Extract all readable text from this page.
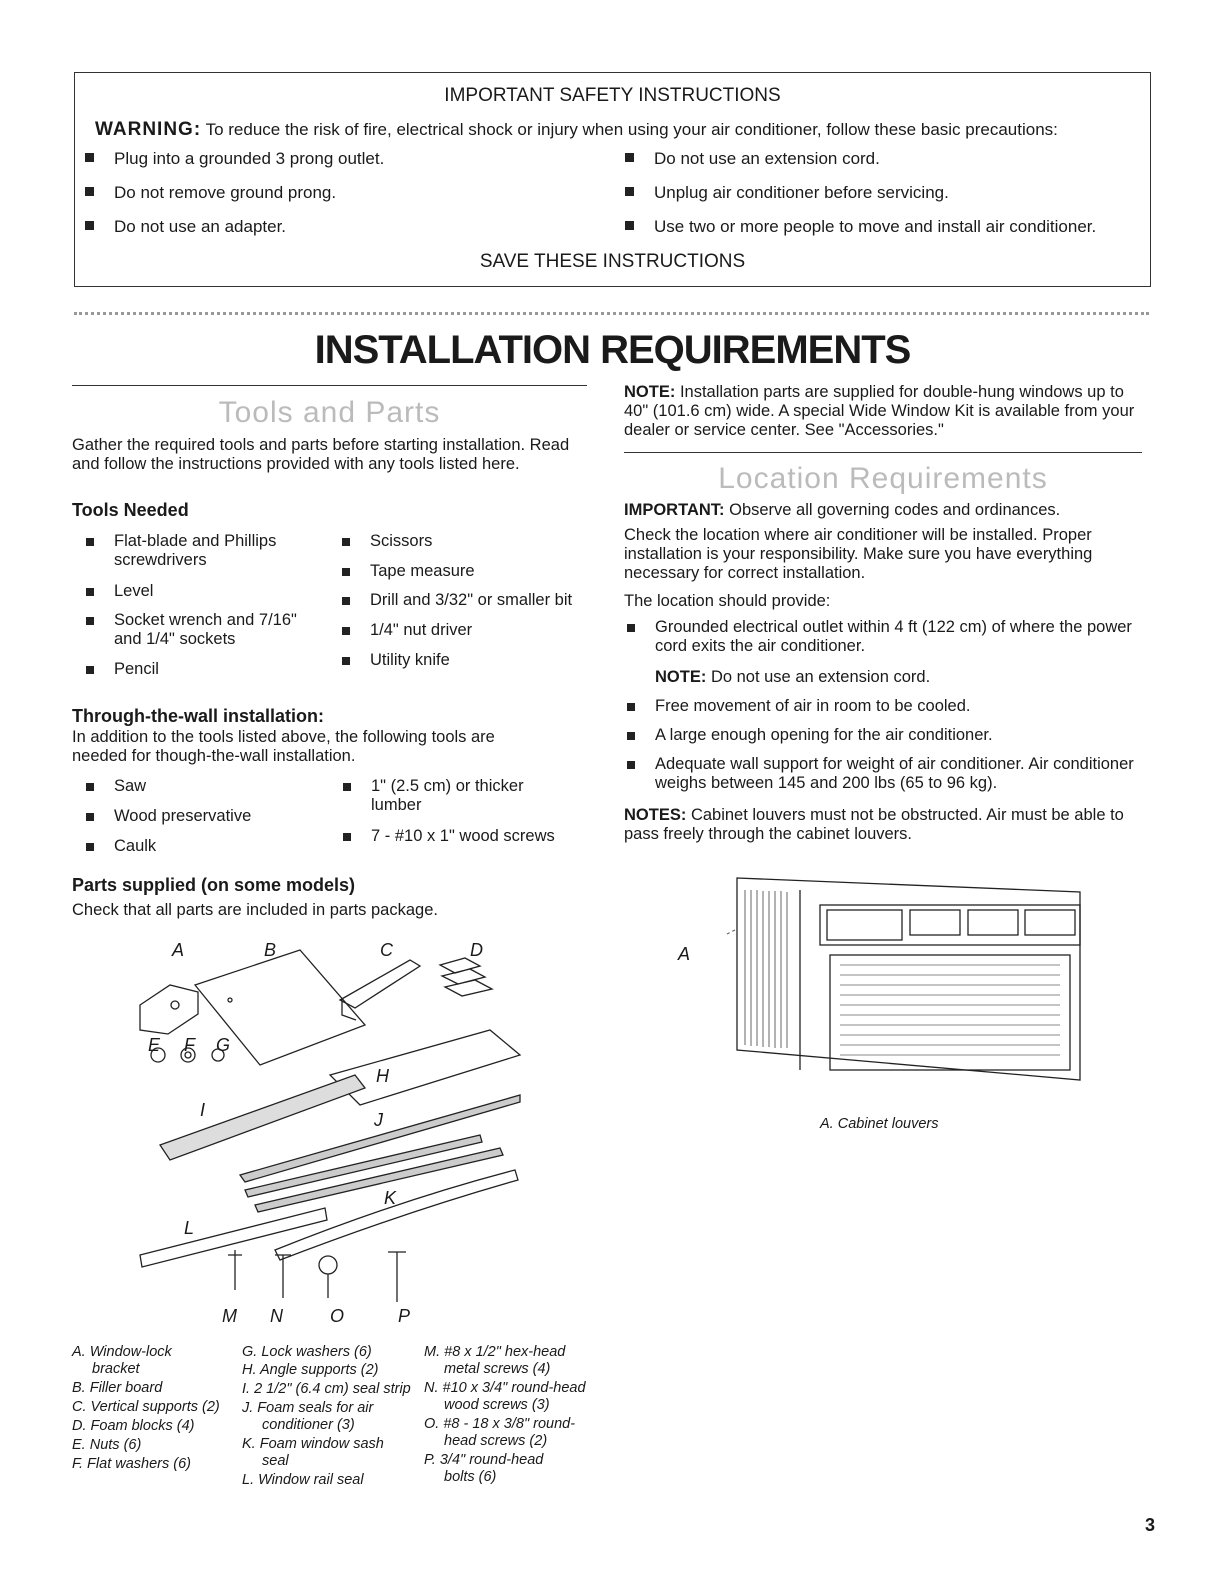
IMPORTANT SAFETY INSTRUCTIONS
WARNING: To reduce the risk of fire, electrical shock or injury when using your air conditioner, follow these basic precautions:
Plug into a grounded 3 prong outlet.
Do not remove ground prong.
Do not use an adapter.
Do not use an extension cord.
Unplug air conditioner before servicing.
Use two or more people to move and install air conditioner.
SAVE THESE INSTRUCTIONS
INSTALLATION REQUIREMENTS
Tools and Parts
Gather the required tools and parts before starting installation. Read and follow the instructions provided with any tools listed here.
Tools Needed
Flat-blade and Phillips screwdrivers
Level
Socket wrench and 7/16" and 1/4" sockets
Pencil
Scissors
Tape measure
Drill and 3/32" or smaller bit
1/4" nut driver
Utility knife
Through-the-wall installation:
In addition to the tools listed above, the following tools are needed for though-the-wall installation.
Saw
Wood preservative
Caulk
1" (2.5 cm) or thicker lumber
7 - #10 x 1" wood screws
Parts supplied (on some models)
Check that all parts are included in parts package.
A	B	C	D
E F G
H
I	J
K
L
M N	O	P
A. Window-lock
bracket
B. Filler board
C. Vertical supports (2)
D. Foam blocks (4)
E. Nuts (6)
F. Flat washers (6)
G. Lock washers (6)
H. Angle supports (2)
I. 2 1/2" (6.4 cm) seal strip
J. Foam seals for air
conditioner (3)
K. Foam window sash
seal
L. Window rail seal
M. #8 x 1/2" hex-head
metal screws (4)
N. #10 x 3/4" round-head
wood screws (3)
O. #8 - 18 x 3/8" round-
head screws (2)
P. 3/4" round-head
bolts (6)
NOTE: Installation parts are supplied for double-hung windows up to 40" (101.6 cm) wide. A special Wide Window Kit is available from your dealer or service center. See "Accessories."
Location Requirements
IMPORTANT: Observe all governing codes and ordinances.
Check the location where air conditioner will be installed. Proper installation is your responsibility. Make sure you have everything necessary for correct installation.
The location should provide:
Grounded electrical outlet within 4 ft (122 cm) of where the power cord exits the air conditioner.
NOTE: Do not use an extension cord.
Free movement of air in room to be cooled.
A large enough opening for the air conditioner.
Adequate wall support for weight of air conditioner. Air conditioner weighs between 145 and 200 lbs (65 to 96 kg).
NOTES: Cabinet louvers must not be obstructed. Air must be able to pass freely through the cabinet louvers.
A
A. Cabinet louvers
3
